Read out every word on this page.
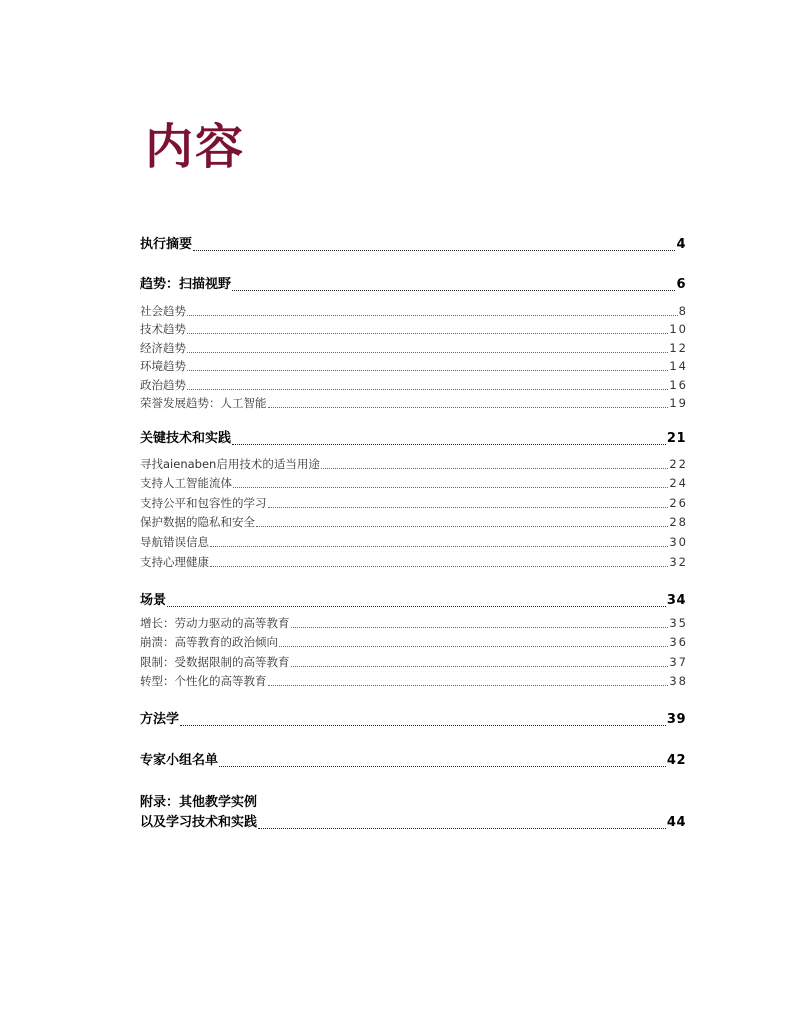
内容
执行摘要	4
趋势：扫描视野	6
社会趋势	8
技术趋势	10
经济趋势	12
环境趋势	14
政治趋势	16
荣誉发展趋势：人工智能	19
关键技术和实践	21
寻找aienaben启用技术的适当用途	22
支持人工智能流体	24
支持公平和包容性的学习	26
保护数据的隐私和安全	28
导航错误信息	30
支持心理健康	32
场景	34
增长：劳动力驱动的高等教育	35
崩溃：高等教育的政治倾向	36
限制：受数据限制的高等教育	37
转型：个性化的高等教育	38
方法学	39
专家小组名单	42
附录：其他教学实例
以及学习技术和实践	44
